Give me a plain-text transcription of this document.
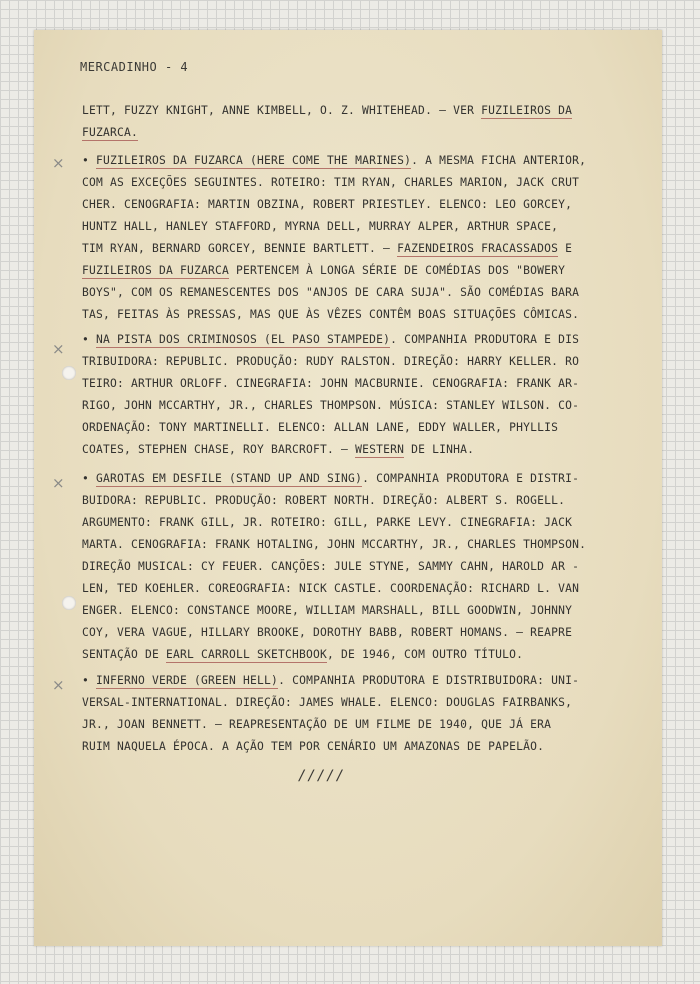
×
×
×
×
MERCADINHO - 4
LETT, FUZZY KNIGHT, ANNE KIMBELL, O. Z. WHITEHEAD. — VER FUZILEIROS DA
FUZARCA.
• FUZILEIROS DA FUZARCA (HERE COME THE MARINES). A MESMA FICHA ANTERIOR,
COM AS EXCEÇÕES SEGUINTES. ROTEIRO: TIM RYAN, CHARLES MARION, JACK CRUT
CHER. CENOGRAFIA: MARTIN OBZINA, ROBERT PRIESTLEY. ELENCO: LEO GORCEY,
HUNTZ HALL, HANLEY STAFFORD, MYRNA DELL, MURRAY ALPER, ARTHUR SPACE,
TIM RYAN, BERNARD GORCEY, BENNIE BARTLETT. — FAZENDEIROS FRACASSADOS E
FUZILEIROS DA FUZARCA PERTENCEM À LONGA SÉRIE DE COMÉDIAS DOS "BOWERY
BOYS", COM OS REMANESCENTES DOS "ANJOS DE CARA SUJA". SÃO COMÉDIAS BARA
TAS, FEITAS ÀS PRESSAS, MAS QUE ÀS VÊZES CONTÊM BOAS SITUAÇÕES CÔMICAS.
• NA PISTA DOS CRIMINOSOS (EL PASO STAMPEDE). COMPANHIA PRODUTORA E DIS
TRIBUIDORA: REPUBLIC. PRODUÇÃO: RUDY RALSTON. DIREÇÃO: HARRY KELLER. RO
TEIRO: ARTHUR ORLOFF. CINEGRAFIA: JOHN MACBURNIE. CENOGRAFIA: FRANK AR-
RIGO, JOHN MCCARTHY, JR., CHARLES THOMPSON. MÚSICA: STANLEY WILSON. CO-
ORDENAÇÃO: TONY MARTINELLI. ELENCO: ALLAN LANE, EDDY WALLER, PHYLLIS
COATES, STEPHEN CHASE, ROY BARCROFT. — WESTERN DE LINHA.
• GAROTAS EM DESFILE (STAND UP AND SING). COMPANHIA PRODUTORA E DISTRI-
BUIDORA: REPUBLIC. PRODUÇÃO: ROBERT NORTH. DIREÇÃO: ALBERT S. ROGELL.
ARGUMENTO: FRANK GILL, JR. ROTEIRO: GILL, PARKE LEVY. CINEGRAFIA: JACK
MARTA. CENOGRAFIA: FRANK HOTALING, JOHN MCCARTHY, JR., CHARLES THOMPSON.
DIREÇÃO MUSICAL: CY FEUER. CANÇÕES: JULE STYNE, SAMMY CAHN, HAROLD AR -
LEN, TED KOEHLER. COREOGRAFIA: NICK CASTLE. COORDENAÇÃO: RICHARD L. VAN
ENGER. ELENCO: CONSTANCE MOORE, WILLIAM MARSHALL, BILL GOODWIN, JOHNNY
COY, VERA VAGUE, HILLARY BROOKE, DOROTHY BABB, ROBERT HOMANS. — REAPRE
SENTAÇÃO DE EARL CARROLL SKETCHBOOK, DE 1946, COM OUTRO TÍTULO.
• INFERNO VERDE (GREEN HELL). COMPANHIA PRODUTORA E DISTRIBUIDORA: UNI-
VERSAL-INTERNATIONAL. DIREÇÃO: JAMES WHALE. ELENCO: DOUGLAS FAIRBANKS,
JR., JOAN BENNETT. — REAPRESENTAÇÃO DE UM FILME DE 1940, QUE JÁ ERA
RUIM NAQUELA ÉPOCA. A AÇÃO TEM POR CENÁRIO UM AMAZONAS DE PAPELÃO.
/////
